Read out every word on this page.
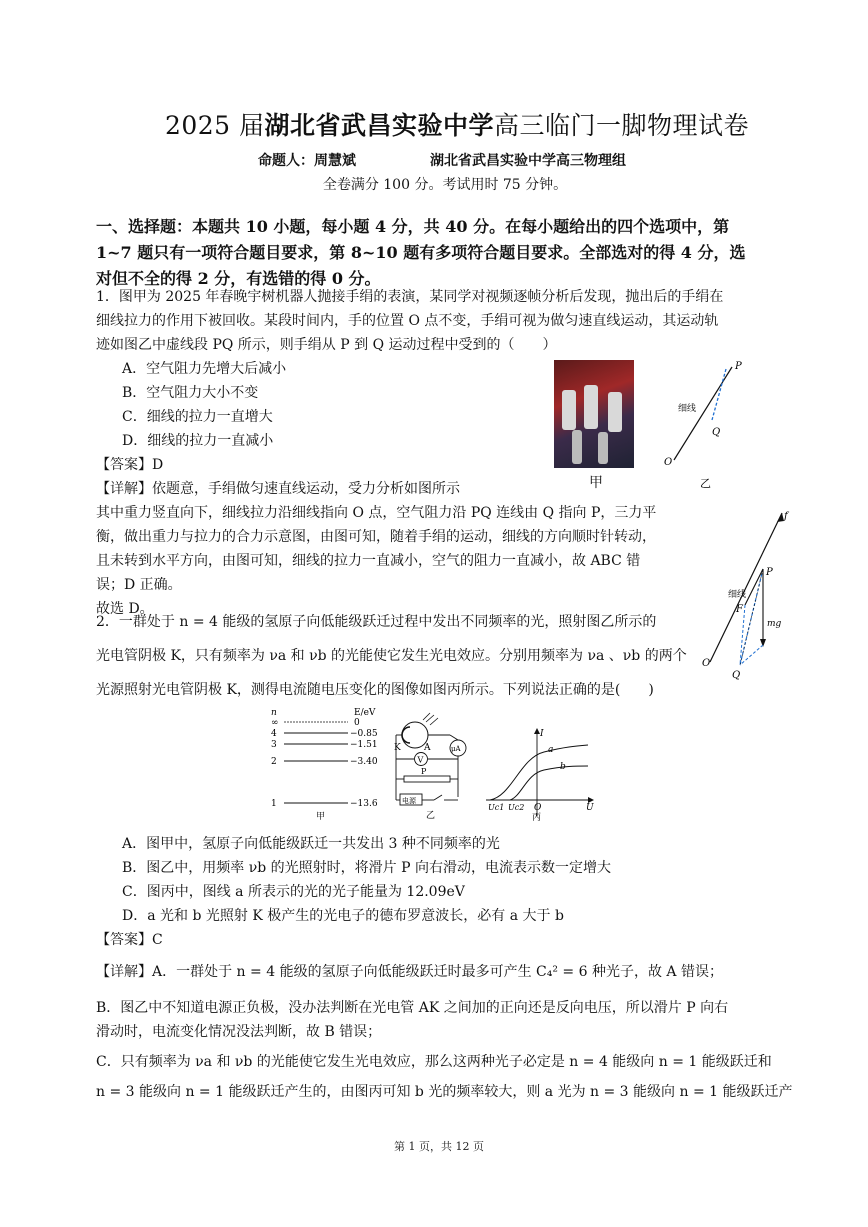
2025 届湖北省武昌实验中学高三临门一脚物理试卷
命题人：周慧斌	湖北省武昌实验中学高三物理组
全卷满分 100 分。考试用时 75 分钟。
一、选择题：本题共 10 小题，每小题 4 分，共 40 分。在每小题给出的四个选项中，第
1~7 题只有一项符合题目要求，第 8~10 题有多项符合题目要求。全部选对的得 4 分，选
对但不全的得 2 分，有选错的得 0 分。
1．图甲为 2025 年春晚宇树机器人抛接手绢的表演，某同学对视频逐帧分析后发现，抛出后的手绢在
细线拉力的作用下被回收。某段时间内，手的位置 O 点不变，手绢可视为做匀速直线运动，其运动轨
迹如图乙中虚线段 PQ 所示，则手绢从 P 到 Q 运动过程中受到的（　　）
A．空气阻力先增大后减小
B．空气阻力大小不变
C．细线的拉力一直增大
D．细线的拉力一直减小
【答案】D
【详解】依题意，手绢做匀速直线运动，受力分析如图所示
其中重力竖直向下，细线拉力沿细线指向 O 点，空气阻力沿 PQ 连线由 Q 指向 P，三力平
衡，做出重力与拉力的合力示意图，由图可知，随着手绢的运动，细线的方向顺时针转动，
且未转到水平方向，由图可知，细线的拉力一直减小，空气的阻力一直减小，故 ABC 错
误；D 正确。
故选 D。
甲
P
Q
O
细线
乙
f
P
F
mg
细线
O
Q
2．一群处于 n = 4 能级的氢原子向低能级跃迁过程中发出不同频率的光，照射图乙所示的
光电管阴极 K，只有频率为 νa 和 νb 的光能使它发生光电效应。分别用频率为 νa 、νb 的两个
光源照射光电管阴极 K，测得电流随电压变化的图像如图丙所示。下列说法正确的是(　　)
n	E/eV
∞	0
4	−0.85
3	−1.51
2	−3.40
1	−13.6
甲
K	A	μA
V
P
电源
乙
I
U
O
a
b
Uc1 Uc2
丙
A．图甲中，氢原子向低能级跃迁一共发出 3 种不同频率的光
B．图乙中，用频率 νb 的光照射时，将滑片 P 向右滑动，电流表示数一定增大
C．图丙中，图线 a 所表示的光的光子能量为 12.09eV
D．a 光和 b 光照射 K 极产生的光电子的德布罗意波长，必有 a 大于 b
【答案】C
【详解】A．一群处于 n = 4 能级的氢原子向低能级跃迁时最多可产生 C₄² = 6 种光子，故 A 错误；
B．图乙中不知道电源正负极，没办法判断在光电管 AK 之间加的正向还是反向电压，所以滑片 P 向右
滑动时，电流变化情况没法判断，故 B 错误；
C．只有频率为 νa 和 νb 的光能使它发生光电效应，那么这两种光子必定是 n = 4 能级向 n = 1 能级跃迁和
n = 3 能级向 n = 1 能级跃迁产生的，由图丙可知 b 光的频率较大，则 a 光为 n = 3 能级向 n = 1 能级跃迁产
第 1 页，共 12 页
